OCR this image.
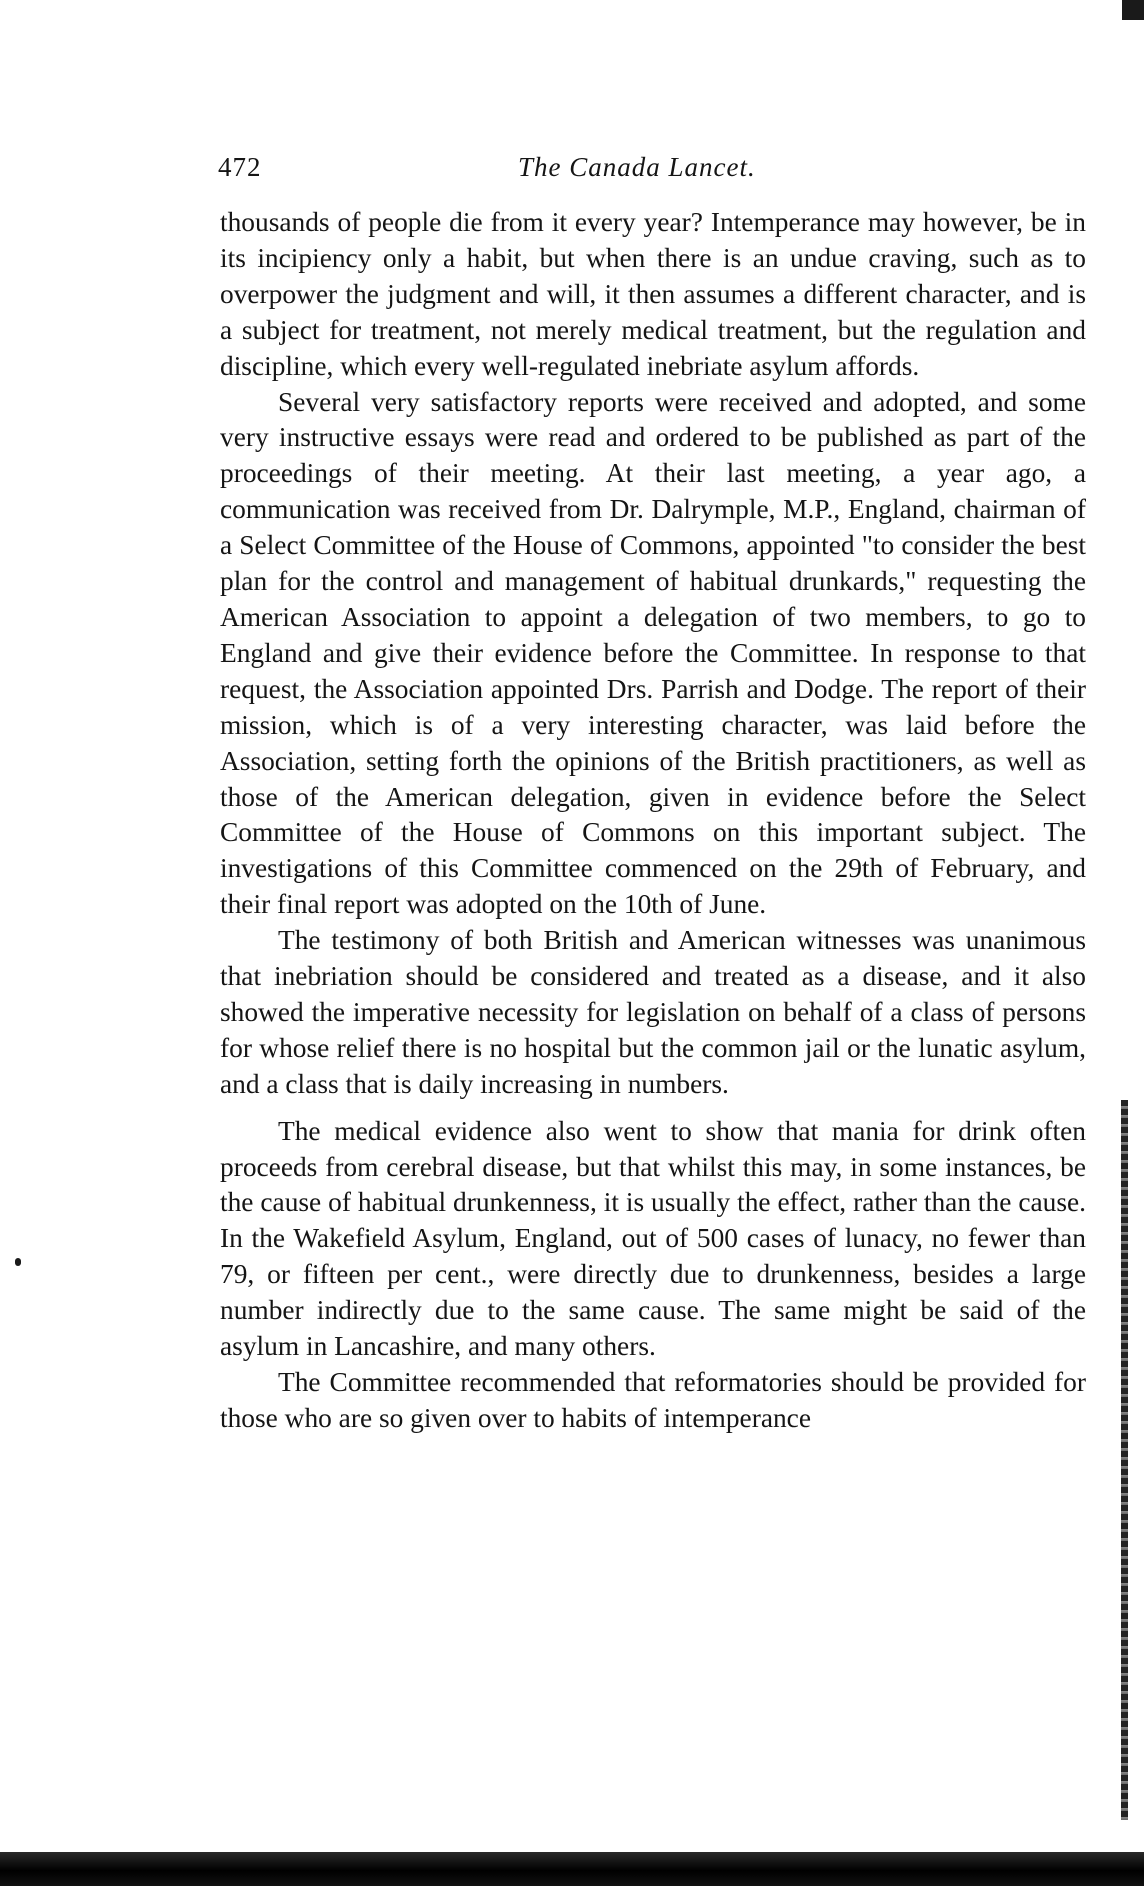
472	The Canada Lancet.

thousands of people die from it every year? Intemperance may however, be in its incipiency only a habit, but when there is an undue craving, such as to overpower the judgment and will, it then assumes a different character, and is a subject for treatment, not merely medical treatment, but the regulation and discipline, which every well-regulated inebriate asylum affords.

Several very satisfactory reports were received and adopted, and some very instructive essays were read and ordered to be published as part of the proceedings of their meeting. At their last meeting, a year ago, a communication was received from Dr. Dalrymple, M.P., England, chairman of a Select Committee of the House of Commons, appointed "to consider the best plan for the control and management of habitual drunkards," requesting the American Association to appoint a delegation of two members, to go to England and give their evidence before the Committee. In response to that request, the Association appointed Drs. Parrish and Dodge. The report of their mission, which is of a very interesting character, was laid before the Association, setting forth the opinions of the British practitioners, as well as those of the American delegation, given in evidence before the Select Committee of the House of Commons on this important subject. The investigations of this Committee commenced on the 29th of February, and their final report was adopted on the 10th of June.

The testimony of both British and American witnesses was unanimous that inebriation should be considered and treated as a disease, and it also showed the imperative necessity for legislation on behalf of a class of persons for whose relief there is no hospital but the common jail or the lunatic asylum, and a class that is daily increasing in numbers.

The medical evidence also went to show that mania for drink often proceeds from cerebral disease, but that whilst this may, in some instances, be the cause of habitual drunkenness, it is usually the effect, rather than the cause. In the Wakefield Asylum, England, out of 500 cases of lunacy, no fewer than 79, or fifteen per cent., were directly due to drunkenness, besides a large number indirectly due to the same cause. The same might be said of the asylum in Lancashire, and many others.

The Committee recommended that reformatories should be provided for those who are so given over to habits of intemperance
